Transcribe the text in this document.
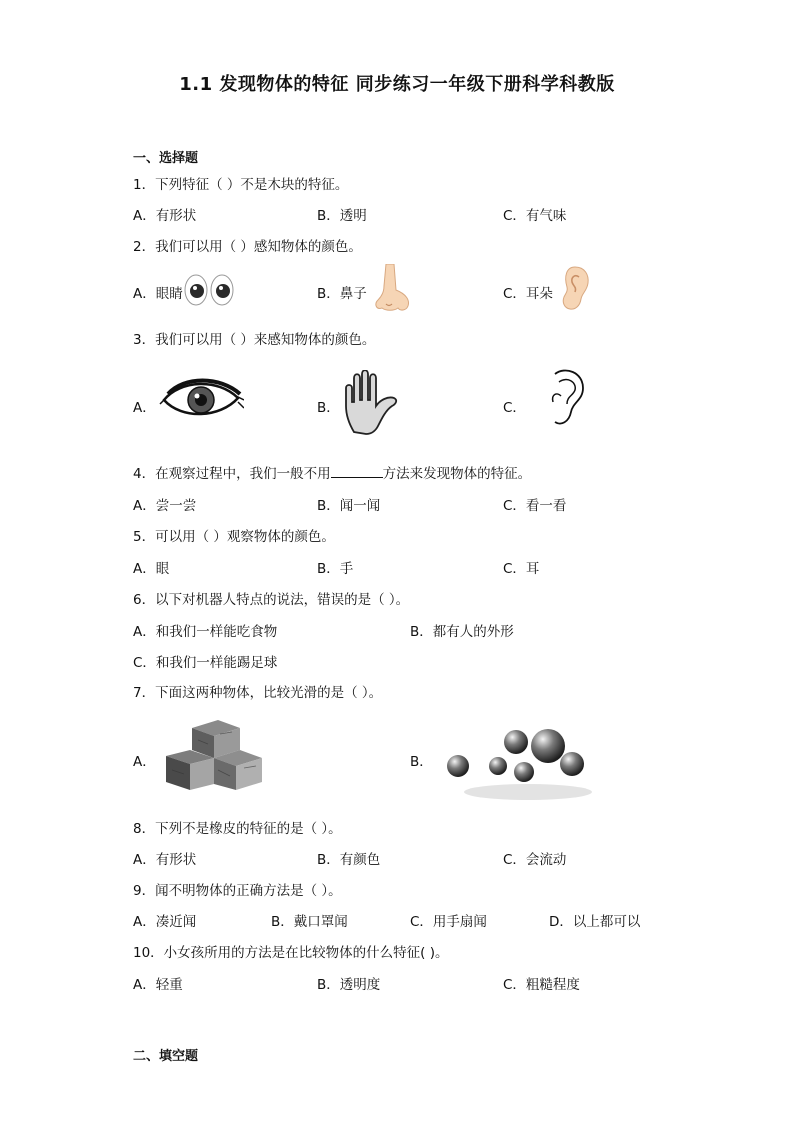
1.1 发现物体的特征 同步练习一年级下册科学科教版
一、选择题
1．下列特征（ ）不是木块的特征。
A．有形状	B．透明	C．有气味
2．我们可以用（ ）感知物体的颜色。
A．眼睛	B．鼻子	C．耳朵
3．我们可以用（ ）来感知物体的颜色。
A．	B．	C．
4．在观察过程中，我们一般不用	方法来发现物体的特征。
A．尝一尝	B．闻一闻	C．看一看
5．可以用（ ）观察物体的颜色。
A．眼	B．手	C．耳
6．以下对机器人特点的说法，错误的是（ ）。
A．和我们一样能吃食物	B．都有人的外形
C．和我们一样能踢足球
7．下面这两种物体，比较光滑的是（ ）。
A．	B．
8．下列不是橡皮的特征的是（ ）。
A．有形状	B．有颜色	C．会流动
9．闻不明物体的正确方法是（ ）。
A．凑近闻	B．戴口罩闻	C．用手扇闻	D．以上都可以
10．小女孩所用的方法是在比较物体的什么特征( )。
A．轻重	B．透明度	C．粗糙程度
二、填空题
